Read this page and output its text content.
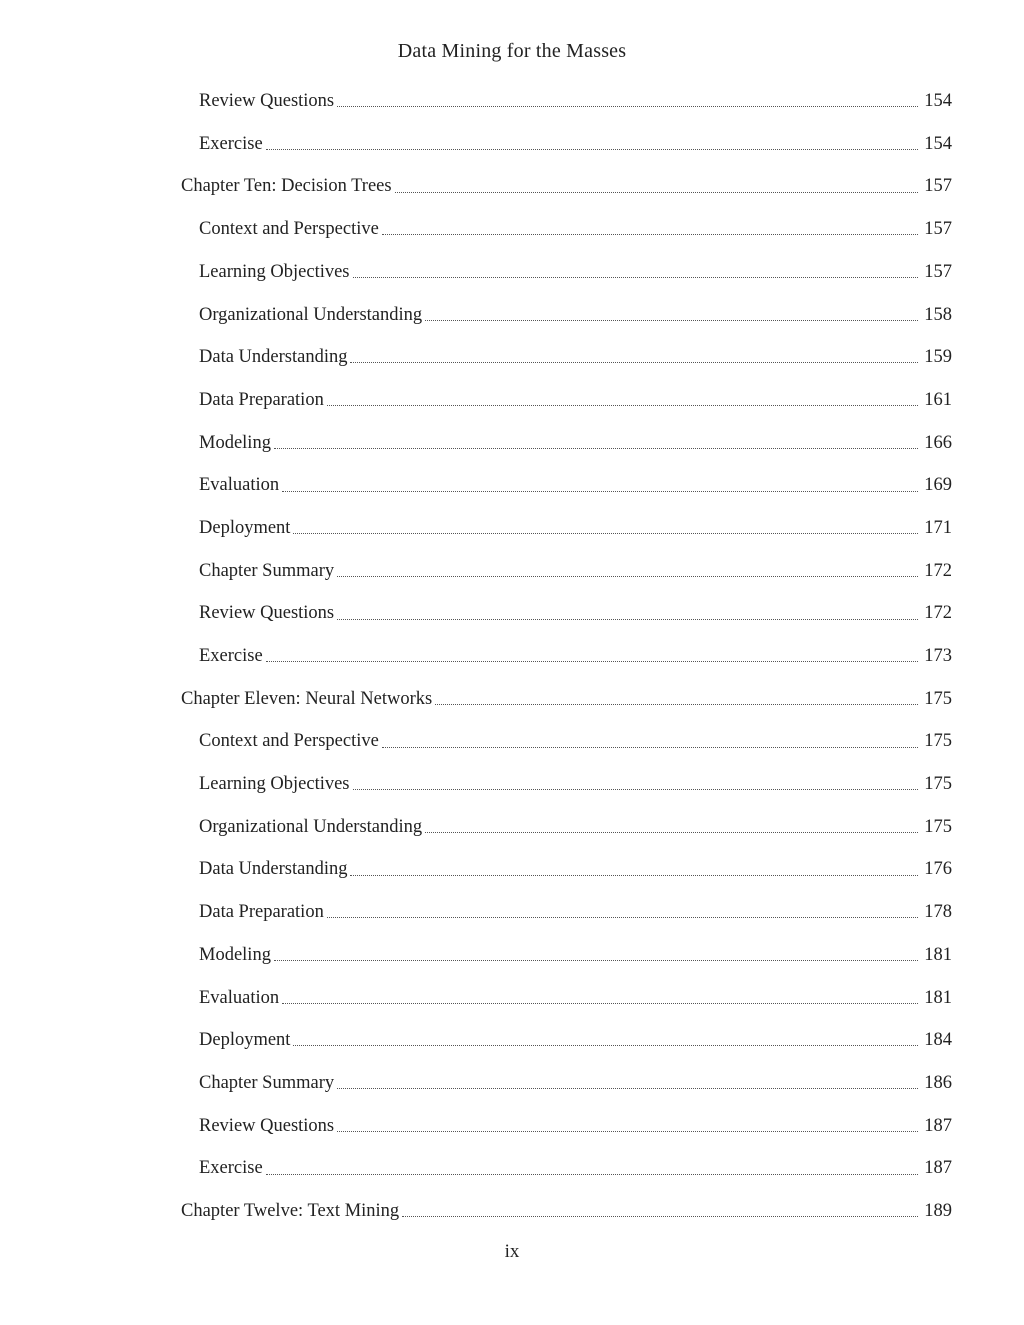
Data Mining for the Masses
Review Questions	154
Exercise	154
Chapter Ten: Decision Trees	157
Context and Perspective	157
Learning Objectives	157
Organizational Understanding	158
Data Understanding	159
Data Preparation	161
Modeling	166
Evaluation	169
Deployment	171
Chapter Summary	172
Review Questions	172
Exercise	173
Chapter Eleven: Neural Networks	175
Context and Perspective	175
Learning Objectives	175
Organizational Understanding	175
Data Understanding	176
Data Preparation	178
Modeling	181
Evaluation	181
Deployment	184
Chapter Summary	186
Review Questions	187
Exercise	187
Chapter Twelve: Text Mining	189
ix
